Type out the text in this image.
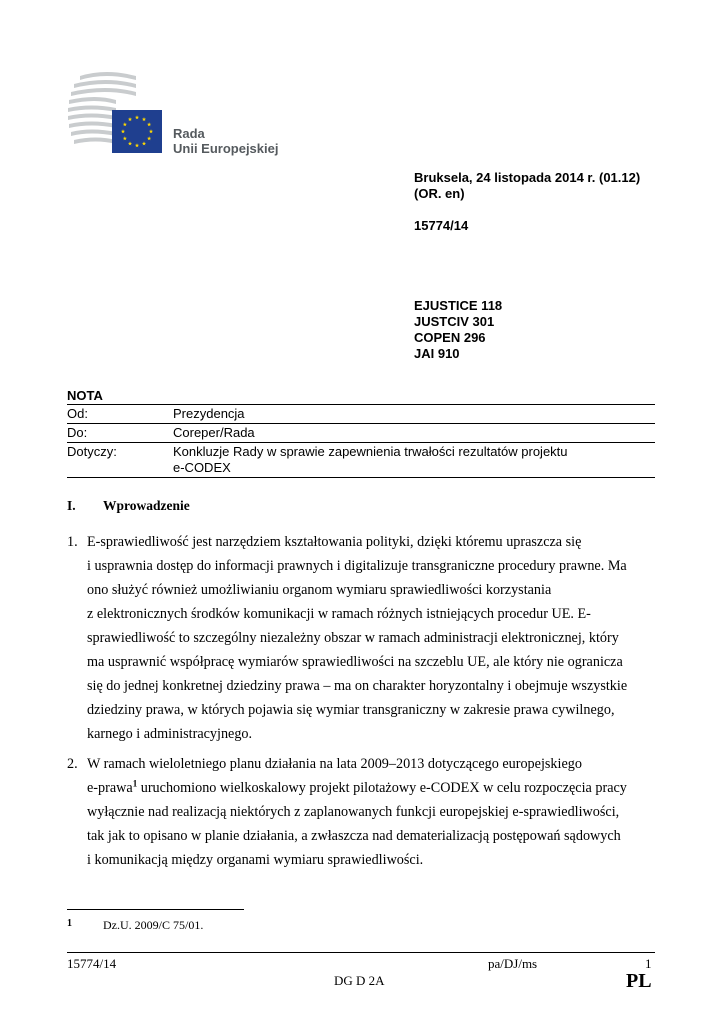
Rada
Unii Europejskiej
Bruksela, 24 listopada 2014 r. (01.12)
(OR. en)
15774/14
EJUSTICE 118
JUSTCIV 301
COPEN 296
JAI 910
NOTA
Od:	Prezydencja
Do:	Coreper/Rada
Dotyczy:	Konkluzje Rady w sprawie zapewnienia trwałości rezultatów projektu
e-CODEX
I. Wprowadzenie
1. E-sprawiedliwość jest narzędziem kształtowania polityki, dzięki któremu upraszcza się
i usprawnia dostęp do informacji prawnych i digitalizuje transgraniczne procedury prawne. Ma
ono służyć również umożliwianiu organom wymiaru sprawiedliwości korzystania
z elektronicznych środków komunikacji w ramach różnych istniejących procedur UE. E-
sprawiedliwość to szczególny niezależny obszar w ramach administracji elektronicznej, który
ma usprawnić współpracę wymiarów sprawiedliwości na szczeblu UE, ale który nie ogranicza
się do jednej konkretnej dziedziny prawa – ma on charakter horyzontalny i obejmuje wszystkie
dziedziny prawa, w których pojawia się wymiar transgraniczny w zakresie prawa cywilnego,
karnego i administracyjnego.
2. W ramach wieloletniego planu działania na lata 2009–2013 dotyczącego europejskiego
e-prawa$^1$ uruchomiono wielkoskalowy projekt pilotażowy e-CODEX w celu rozpoczęcia pracy
wyłącznie nad realizacją niektórych z zaplanowanych funkcji europejskiej e-sprawiedliwości,
tak jak to opisano w planie działania, a zwłaszcza nad dematerializacją postępowań sądowych
i komunikacją między organami wymiaru sprawiedliwości.
1	Dz.U. 2009/C 75/01.
15774/14	pa/DJ/ms	1
DG D 2A	PL
